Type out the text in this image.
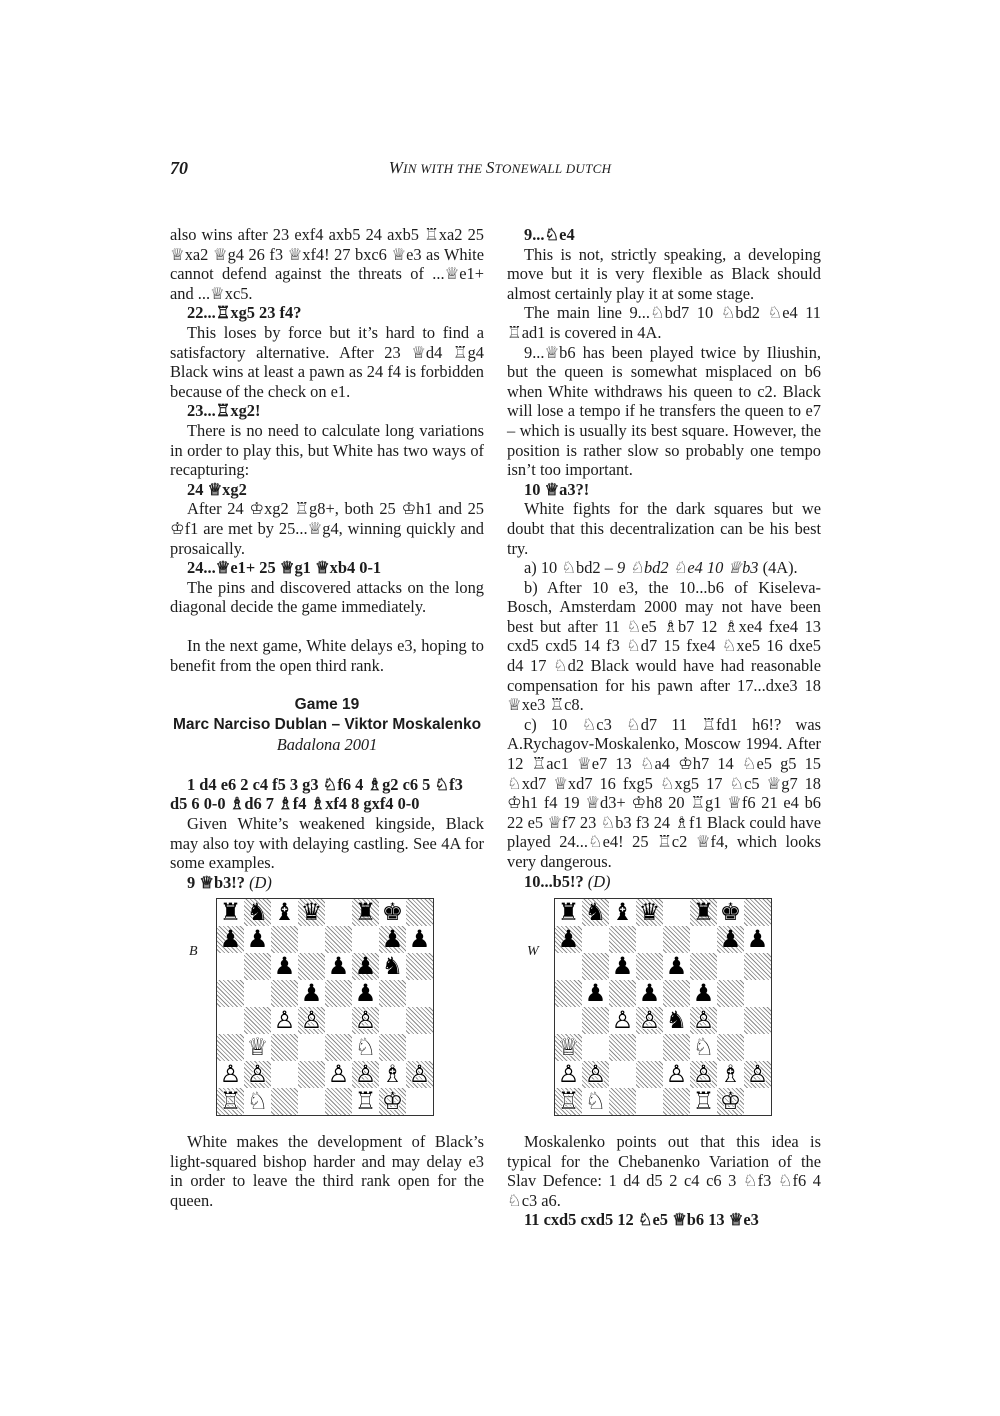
70	WIN WITH THE STONEWALL DUTCH

also wins after 23 exf4 axb5 24 axb5 ♖xa2 25 ♕xa2 ♕g4 26 f3 ♕xf4! 27 bxc6 ♕e3 as White cannot defend against the threats of ...♕e1+ and ...♕xc5.

22...♖xg5 23 f4?

This loses by force but it’s hard to find a satisfactory alternative. After 23 ♕d4 ♖g4 Black wins at least a pawn as 24 f4 is forbidden because of the check on e1.

23...♖xg2!

There is no need to calculate long variations in order to play this, but White has two ways of recapturing:

24 ♕xg2

After 24 ♔xg2 ♖g8+, both 25 ♔h1 and 25 ♔f1 are met by 25...♕g4, winning quickly and prosaically.

24...♕e1+ 25 ♕g1 ♕xb4 0-1

The pins and discovered attacks on the long diagonal decide the game immediately.

In the next game, White delays e3, hoping to benefit from the open third rank.

Game 19
Marc Narciso Dublan – Viktor Moskalenko
Badalona 2001

1 d4 e6 2 c4 f5 3 g3 ♘f6 4 ♗g2 c6 5 ♘f3 d5 6 0-0 ♗d6 7 ♗f4 ♗xf4 8 gxf4 0-0

Given White’s weakened kingside, Black may also toy with delaying castling. See 4A for some examples.

9 ♕b3!? (D)

9...♘e4

This is not, strictly speaking, a developing move but it is very flexible as Black should almost certainly play it at some stage.

The main line 9...♘bd7 10 ♘bd2 ♘e4 11 ♖ad1 is covered in 4A.

9...♕b6 has been played twice by Iliushin, but the queen is somewhat misplaced on b6 when White withdraws his queen to c2. Black will lose a tempo if he transfers the queen to e7 – which is usually its best square. However, the position is rather slow so probably one tempo isn’t too important.

10 ♕a3?!

White fights for the dark squares but we doubt that this decentralization can be his best try.

a) 10 ♘bd2 – 9 ♘bd2 ♘e4 10 ♕b3 (4A).

b) After 10 e3, the 10...b6 of Kiseleva-Bosch, Amsterdam 2000 may not have been best but after 11 ♘e5 ♗b7 12 ♗xe4 fxe4 13 cxd5 cxd5 14 f3 ♘d7 15 fxe4 ♘xe5 16 dxe5 d4 17 ♘d2 Black would have had reasonable compensation for his pawn after 17...dxe3 18 ♕xe3 ♖c8.

c) 10 ♘c3 ♘d7 11 ♖fd1 h6!? was A.Rychagov-Moskalenko, Moscow 1994. After 12 ♖ac1 ♕e7 13 ♘a4 ♔h7 14 ♘e5 g5 15 ♘xd7 ♕xd7 16 fxg5 ♘xg5 17 ♘c5 ♕g7 18 ♔h1 f4 19 ♕d3+ ♔h8 20 ♖g1 ♕f6 21 e4 b6 22 e5 ♕f7 23 ♘b3 f3 24 ♗f1 Black could have played 24...♘e4! 25 ♖c2 ♕f4, which looks very dangerous.

10...b5!? (D)

B
♜ ♞ ♝ ♛ ♜ ♚
♟ ♟	♟ ♟
♟ ♟ ♟ ♞
♟ ♟
♙ ♙ ♙
♕	♘
♙ ♙ ♙ ♙ ♗ ♙
♖ ♘	♖ ♔
W
♜ ♞ ♝ ♛ ♜ ♚
♟	♟ ♟
♟ ♟
♟ ♟ ♟
♙ ♙ ♞ ♙
♕	♘
♙ ♙ ♙ ♙ ♗ ♙
♖ ♘	♖ ♔

White makes the development of Black’s light-squared bishop harder and may delay e3 in order to leave the third rank open for the queen.

Moskalenko points out that this idea is typical for the Chebanenko Variation of the Slav Defence: 1 d4 d5 2 c4 c6 3 ♘f3 ♘f6 4 ♘c3 a6.

11 cxd5 cxd5 12 ♘e5 ♕b6 13 ♕e3
